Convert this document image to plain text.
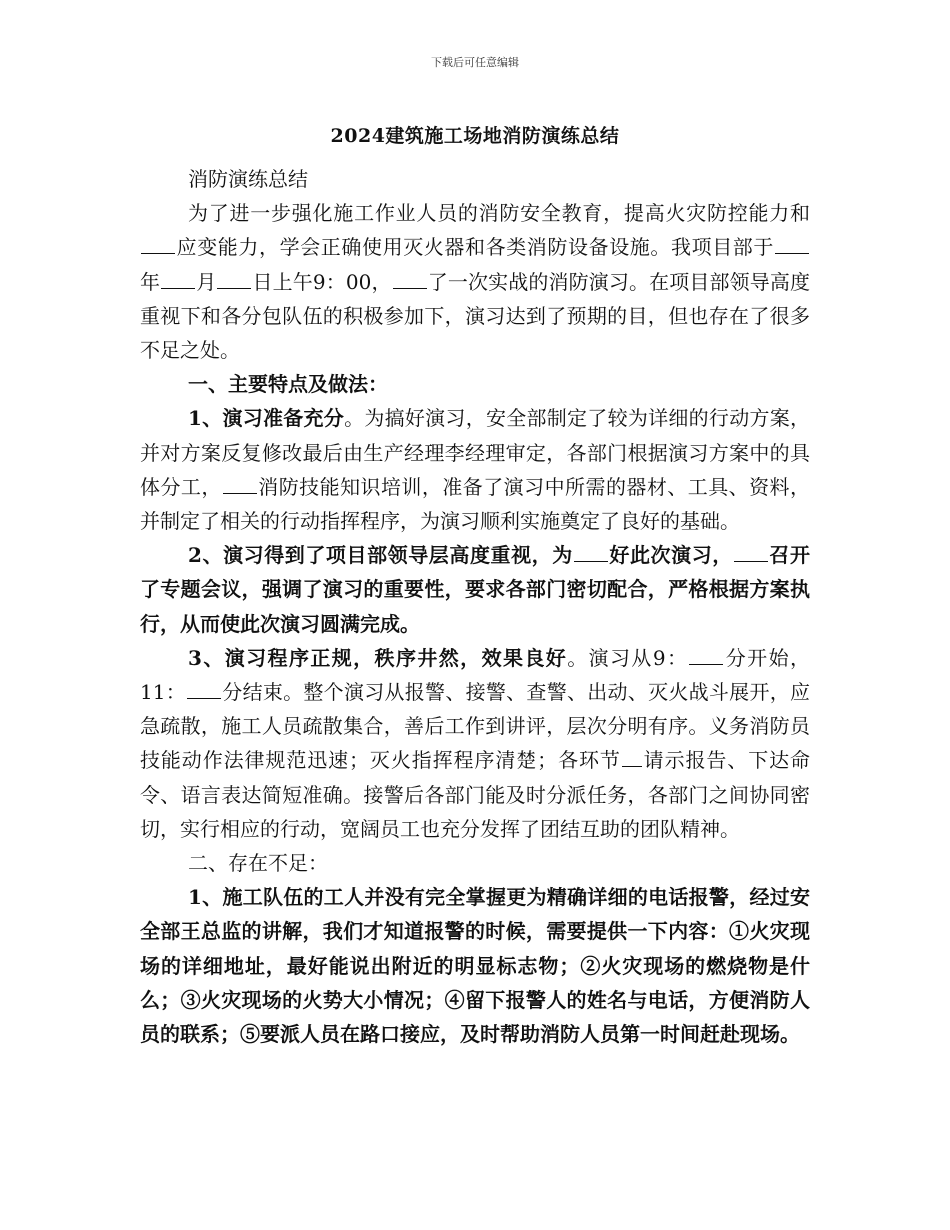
下载后可任意编辑
2024建筑施工场地消防演练总结

消防演练总结

为了进一步强化施工作业人员的消防安全教育，提高火灾防控能力和应变能力，学会正确使用灭火器和各类消防设备设施。我项目部于年 月 日上午9：00， 了一次实战的消防演习。在项目部领导高度重视下和各分包队伍的积极参加下，演习达到了预期的目，但也存在了很多不足之处。

一、主要特点及做法：

1、演习准备充分。为搞好演习，安全部制定了较为详细的行动方案，并对方案反复修改最后由生产经理李经理审定，各部门根据演习方案中的具体分工， 消防技能知识培训，准备了演习中所需的器材、工具、资料，并制定了相关的行动指挥程序，为演习顺利实施奠定了良好的基础。

2、演习得到了项目部领导层高度重视，为 好此次演习， 召开了专题会议，强调了演习的重要性，要求各部门密切配合，严格根据方案执行，从而使此次演习圆满完成。

3、演习程序正规，秩序井然，效果良好。演习从9： 分开始，11： 分结束。整个演习从报警、接警、查警、出动、灭火战斗展开，应急疏散，施工人员疏散集合，善后工作到讲评，层次分明有序。义务消防员技能动作法律规范迅速；灭火指挥程序清楚；各环节 请示报告、下达命令、语言表达简短准确。接警后各部门能及时分派任务，各部门之间协同密切，实行相应的行动，宽阔员工也充分发挥了团结互助的团队精神。

二、存在不足：

1、施工队伍的工人并没有完全掌握更为精确详细的电话报警，经过安全部王总监的讲解，我们才知道报警的时候，需要提供一下内容：①火灾现场的详细地址，最好能说出附近的明显标志物；②火灾现场的燃烧物是什么；③火灾现场的火势大小情况；④留下报警人的姓名与电话，方便消防人员的联系；⑤要派人员在路口接应，及时帮助消防人员第一时间赶赴现场。
